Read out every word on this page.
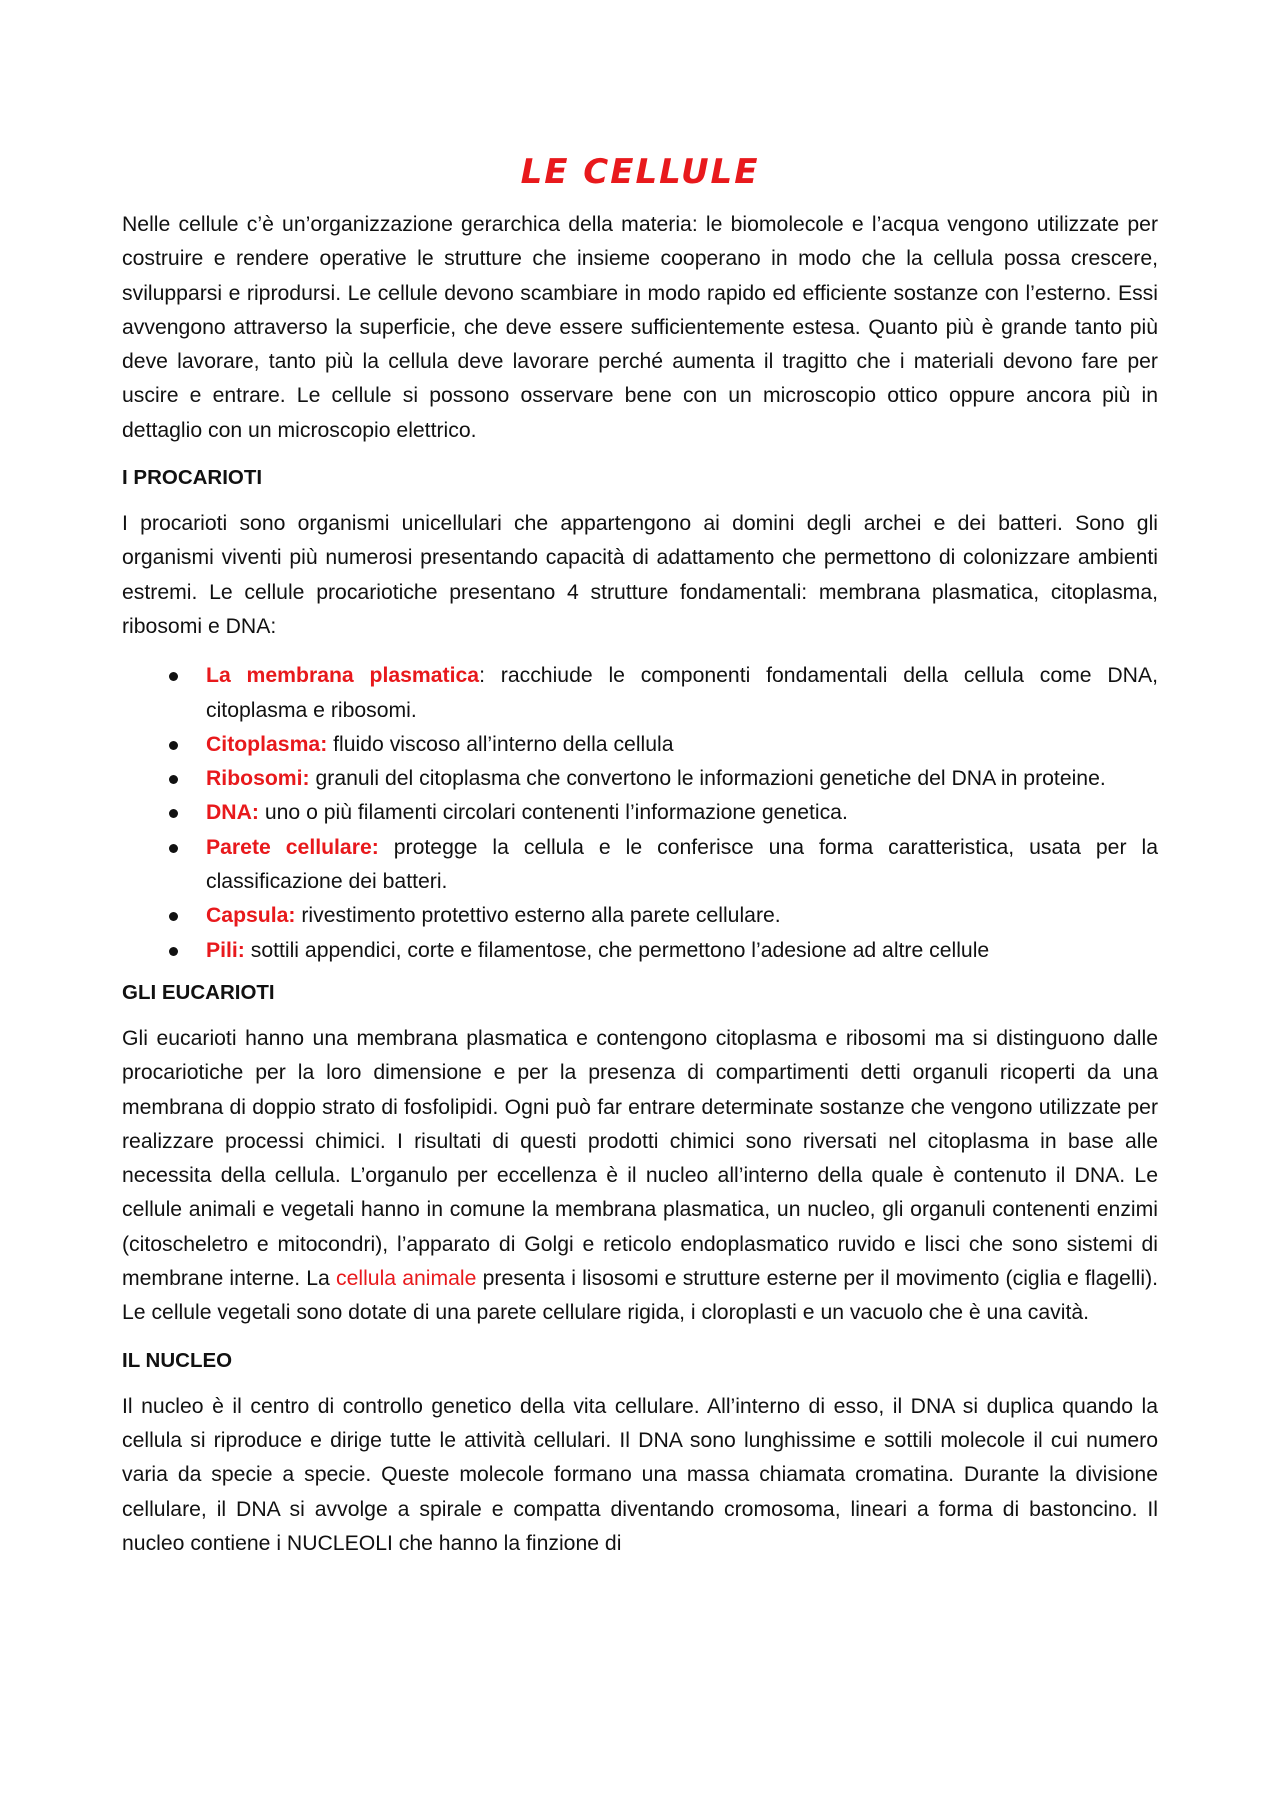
LE CELLULE

Nelle cellule c’è un’organizzazione gerarchica della materia: le biomolecole e l’acqua vengono utilizzate per costruire e rendere operative le strutture che insieme cooperano in modo che la cellula possa crescere, svilupparsi e riprodursi. Le cellule devono scambiare in modo rapido ed efficiente sostanze con l’esterno. Essi avvengono attraverso la superficie, che deve essere sufficientemente estesa. Quanto più è grande tanto più deve lavorare, tanto più la cellula deve lavorare perché aumenta il tragitto che i materiali devono fare per uscire e entrare. Le cellule si possono osservare bene con un microscopio ottico oppure ancora più in dettaglio con un microscopio elettrico.

I PROCARIOTI

I procarioti sono organismi unicellulari che appartengono ai domini degli archei e dei batteri. Sono gli organismi viventi più numerosi presentando capacità di adattamento che permettono di colonizzare ambienti estremi. Le cellule procariotiche presentano 4 strutture fondamentali: membrana plasmatica, citoplasma, ribosomi e DNA:

La membrana plasmatica: racchiude le componenti fondamentali della cellula come DNA, citoplasma e ribosomi.
Citoplasma: fluido viscoso all’interno della cellula
Ribosomi: granuli del citoplasma che convertono le informazioni genetiche del DNA in proteine.
DNA: uno o più filamenti circolari contenenti l’informazione genetica.
Parete cellulare: protegge la cellula e le conferisce una forma caratteristica, usata per la classificazione dei batteri.
Capsula: rivestimento protettivo esterno alla parete cellulare.
Pili: sottili appendici, corte e filamentose, che permettono l’adesione ad altre cellule
GLI EUCARIOTI

Gli eucarioti hanno una membrana plasmatica e contengono citoplasma e ribosomi ma si distinguono dalle procariotiche per la loro dimensione e per la presenza di compartimenti detti organuli ricoperti da una membrana di doppio strato di fosfolipidi. Ogni può far entrare determinate sostanze che vengono utilizzate per realizzare processi chimici. I risultati di questi prodotti chimici sono riversati nel citoplasma in base alle necessita della cellula. L’organulo per eccellenza è il nucleo all’interno della quale è contenuto il DNA. Le cellule animali e vegetali hanno in comune la membrana plasmatica, un nucleo, gli organuli contenenti enzimi (citoscheletro e mitocondri), l’apparato di Golgi e reticolo endoplasmatico ruvido e lisci che sono sistemi di membrane interne. La cellula animale presenta i lisosomi e strutture esterne per il movimento (ciglia e flagelli). Le cellule vegetali sono dotate di una parete cellulare rigida, i cloroplasti e un vacuolo che è una cavità.

IL NUCLEO

Il nucleo è il centro di controllo genetico della vita cellulare. All’interno di esso, il DNA si duplica quando la cellula si riproduce e dirige tutte le attività cellulari. Il DNA sono lunghissime e sottili molecole il cui numero varia da specie a specie. Queste molecole formano una massa chiamata cromatina. Durante la divisione cellulare, il DNA si avvolge a spirale e compatta diventando cromosoma, lineari a forma di bastoncino. Il nucleo contiene i NUCLEOLI che hanno la finzione di
